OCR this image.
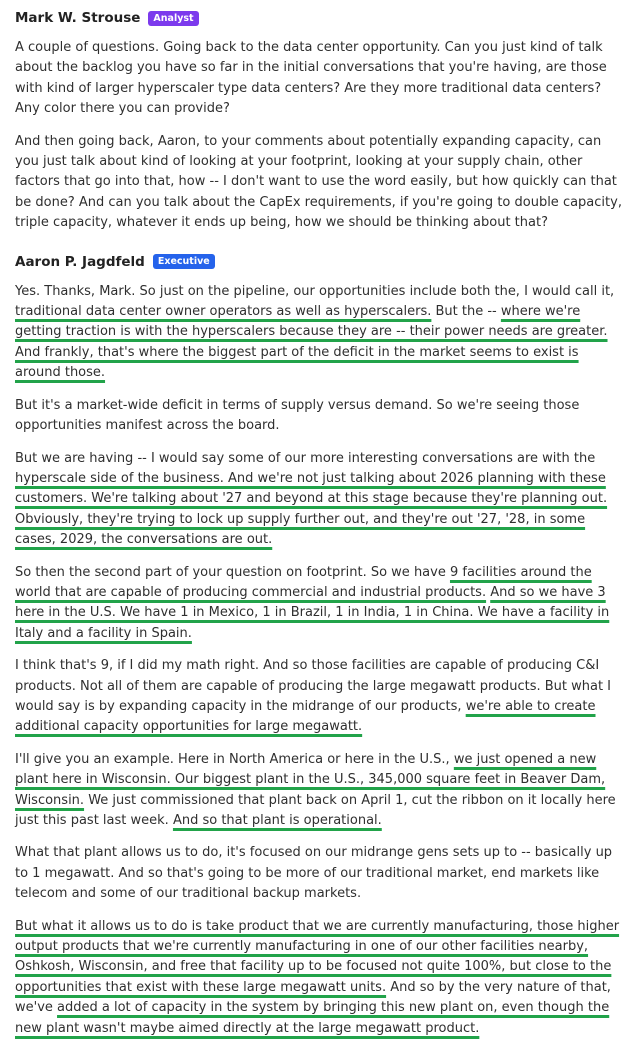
Mark W. Strouse	Analyst

A couple of questions. Going back to the data center opportunity. Can you just kind of talk about the backlog you have so far in the initial conversations that you're having, are those with kind of larger hyperscaler type data centers? Are they more traditional data centers? Any color there you can provide?

And then going back, Aaron, to your comments about potentially expanding capacity, can you just talk about kind of looking at your footprint, looking at your supply chain, other factors that go into that, how -- I don't want to use the word easily, but how quickly can that be done? And can you talk about the CapEx requirements, if you're going to double capacity, triple capacity, whatever it ends up being, how we should be thinking about that?

Aaron P. Jagdfeld	Executive

Yes. Thanks, Mark. So just on the pipeline, our opportunities include both the, I would call it, traditional data center owner operators as well as hyperscalers. But the -- where we're getting traction is with the hyperscalers because they are -- their power needs are greater. And frankly, that's where the biggest part of the deficit in the market seems to exist is around those.

But it's a market-wide deficit in terms of supply versus demand. So we're seeing those opportunities manifest across the board.

But we are having -- I would say some of our more interesting conversations are with the hyperscale side of the business. And we're not just talking about 2026 planning with these customers. We're talking about '27 and beyond at this stage because they're planning out. Obviously, they're trying to lock up supply further out, and they're out '27, '28, in some cases, 2029, the conversations are out.

So then the second part of your question on footprint. So we have 9 facilities around the world that are capable of producing commercial and industrial products. And so we have 3 here in the U.S. We have 1 in Mexico, 1 in Brazil, 1 in India, 1 in China. We have a facility in Italy and a facility in Spain.

I think that's 9, if I did my math right. And so those facilities are capable of producing C&I products. Not all of them are capable of producing the large megawatt products. But what I would say is by expanding capacity in the midrange of our products, we're able to create additional capacity opportunities for large megawatt.

I'll give you an example. Here in North America or here in the U.S., we just opened a new plant here in Wisconsin. Our biggest plant in the U.S., 345,000 square feet in Beaver Dam, Wisconsin. We just commissioned that plant back on April 1, cut the ribbon on it locally here just this past last week. And so that plant is operational.

What that plant allows us to do, it's focused on our midrange gens sets up to -- basically up to 1 megawatt. And so that's going to be more of our traditional market, end markets like telecom and some of our traditional backup markets.

But what it allows us to do is take product that we are currently manufacturing, those higher output products that we're currently manufacturing in one of our other facilities nearby, Oshkosh, Wisconsin, and free that facility up to be focused not quite 100%, but close to the opportunities that exist with these large megawatt units. And so by the very nature of that, we've added a lot of capacity in the system by bringing this new plant on, even though the new plant wasn't maybe aimed directly at the large megawatt product.
